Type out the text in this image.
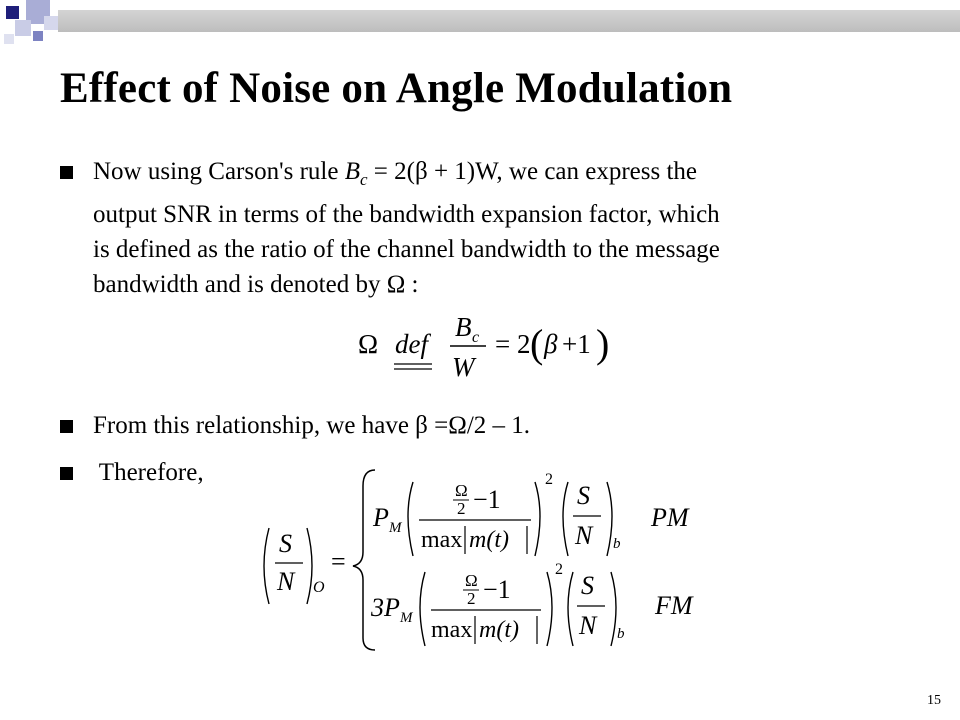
Effect of Noise on Angle Modulation
Now using Carson's rule $B_c = 2(\beta + 1)W$, we can express the
output SNR in terms of the bandwidth expansion factor, which
is defined as the ratio of the channel bandwidth to the message
bandwidth and is denoted by Ω :
Ω def
B c
W
= 2 ( β +1 )

From this relationship, we have β =Ω/2 – 1.

Therefore,

S
N O
=
P M
Ω
2 −1
max m(t)
2
S
N b
PM
3P M
Ω
2 −1
max m(t)
2
S
N b
FM
15
